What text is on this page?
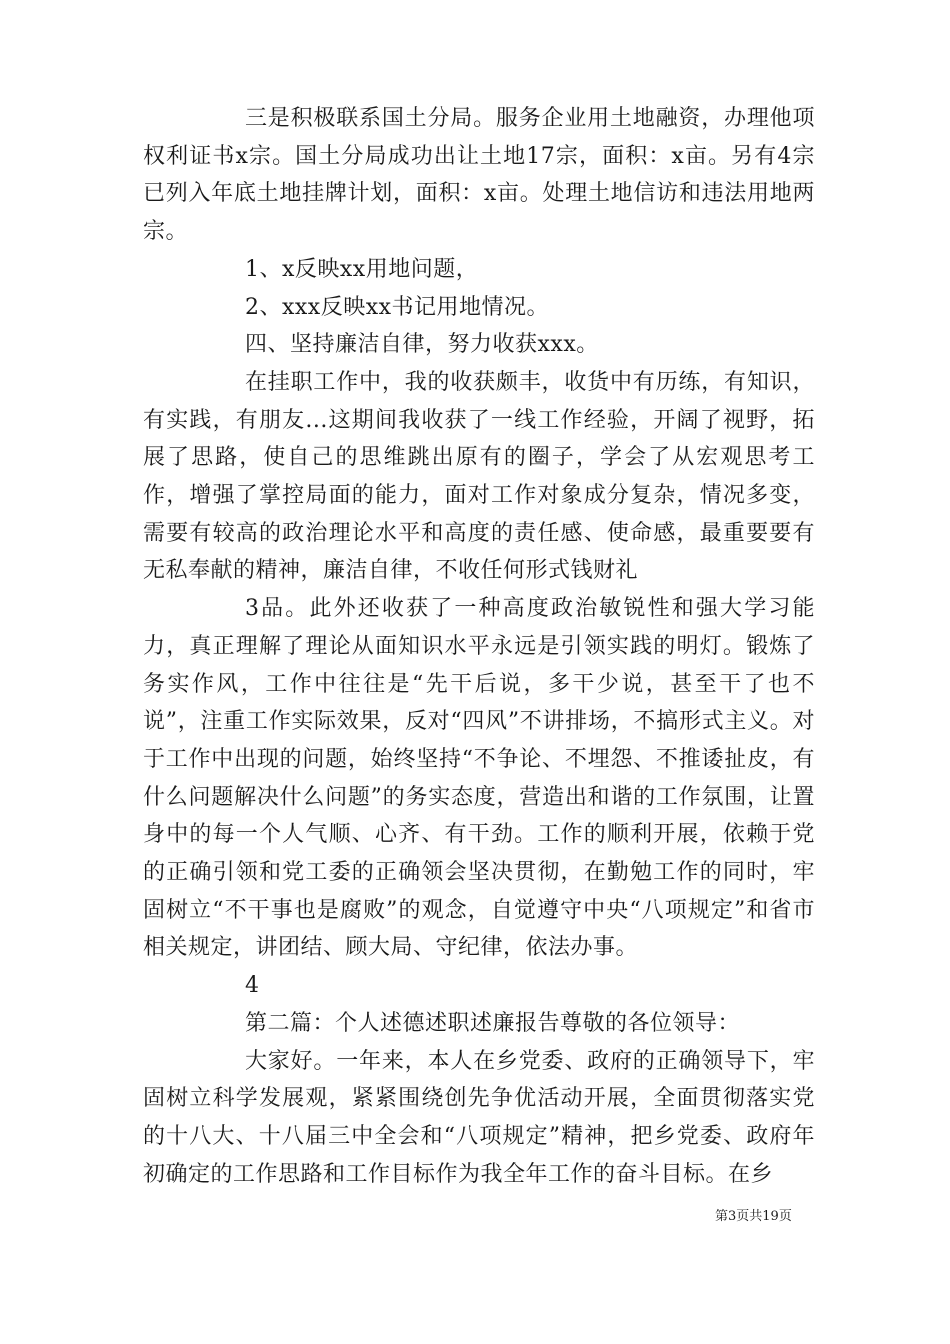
三是积极联系国土分局。服务企业用土地融资，办理他项权利证书x宗。国土分局成功出让土地17宗，面积：x亩。另有4宗已列入年底土地挂牌计划，面积：x亩。处理土地信访和违法用地两宗。

1、x反映xx用地问题，

2、xxx反映xx书记用地情况。

四、坚持廉洁自律，努力收获xxx。

在挂职工作中，我的收获颇丰，收货中有历练，有知识，有实践，有朋友...这期间我收获了一线工作经验，开阔了视野，拓展了思路，使自己的思维跳出原有的圈子，学会了从宏观思考工作，增强了掌控局面的能力，面对工作对象成分复杂，情况多变，需要有较高的政治理论水平和高度的责任感、使命感，最重要要有无私奉献的精神，廉洁自律，不收任何形式钱财礼

3品。此外还收获了一种高度政治敏锐性和强大学习能力，真正理解了理论从面知识水平永远是引领实践的明灯。锻炼了务实作风，工作中往往是“先干后说，多干少说，甚至干了也不说”，注重工作实际效果，反对“四风”不讲排场，不搞形式主义。对于工作中出现的问题，始终坚持“不争论、不埋怨、不推诿扯皮，有什么问题解决什么问题”的务实态度，营造出和谐的工作氛围，让置身中的每一个人气顺、心齐、有干劲。工作的顺利开展，依赖于党的正确引领和党工委的正确领会坚决贯彻，在勤勉工作的同时，牢固树立“不干事也是腐败”的观念，自觉遵守中央“八项规定”和省市相关规定，讲团结、顾大局、守纪律，依法办事。

4

第二篇：个人述德述职述廉报告尊敬的各位领导：

大家好。一年来，本人在乡党委、政府的正确领导下，牢固树立科学发展观，紧紧围绕创先争优活动开展，全面贯彻落实党的十八大、十八届三中全会和“八项规定”精神，把乡党委、政府年初确定的工作思路和工作目标作为我全年工作的奋斗目标。在乡

第3页共19页
